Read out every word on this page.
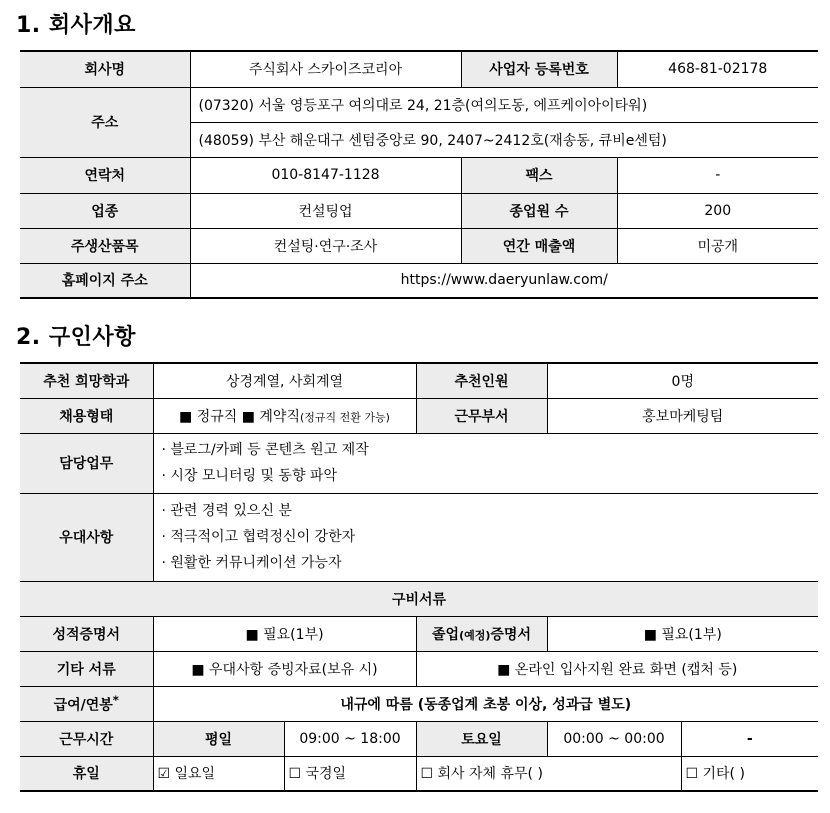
1. 회사개요
회사명	주식회사 스카이즈코리아	사업자 등록번호	468-81-02178
주소	(07320) 서울 영등포구 여의대로 24, 21층(여의도동, 에프케이아이타워)		
	(48059) 부산 해운대구 센텀중앙로 90, 2407~2412호(재송동, 큐비e센텀)		
연락처	010-8147-1128	팩스	-
업종	컨설팅업	종업원 수	200
주생산품목	컨설팅·연구·조사	연간 매출액	미공개
홈페이지 주소	https://www.daeryunlaw.com/		
2. 구인사항
추천 희망학과	상경계열, 사회계열		추천인원	0명	
채용형태	■ 정규직 ■ 계약직(정규직 전환 가능)		근무부서	홍보마케팅팀	
담당업무	· 블로그/카페 등 콘텐츠 원고 제작
· 시장 모니터링 및 동향 파악				

우대사항	· 관련 경력 있으신 분
· 적극적이고 협력정신이 강한자
· 원활한 커뮤니케이션 가능자				

구비서류					
성적증명서	■ 필요(1부)		졸업(예정)증명서	■ 필요(1부)	
기타 서류	■ 우대사항 증빙자료(보유 시)		■ 온라인 입사지원 완료 화면 (캡처 등)		
급여/연봉*	내규에 따름 (동종업계 초봉 이상, 성과급 별도)				
근무시간	평일	09:00 ~ 18:00	토요일	00:00 ~ 00:00	-
휴일	☑ 일요일	☐ 국경일	☐ 회사 자체 휴무( )		☐ 기타( )
